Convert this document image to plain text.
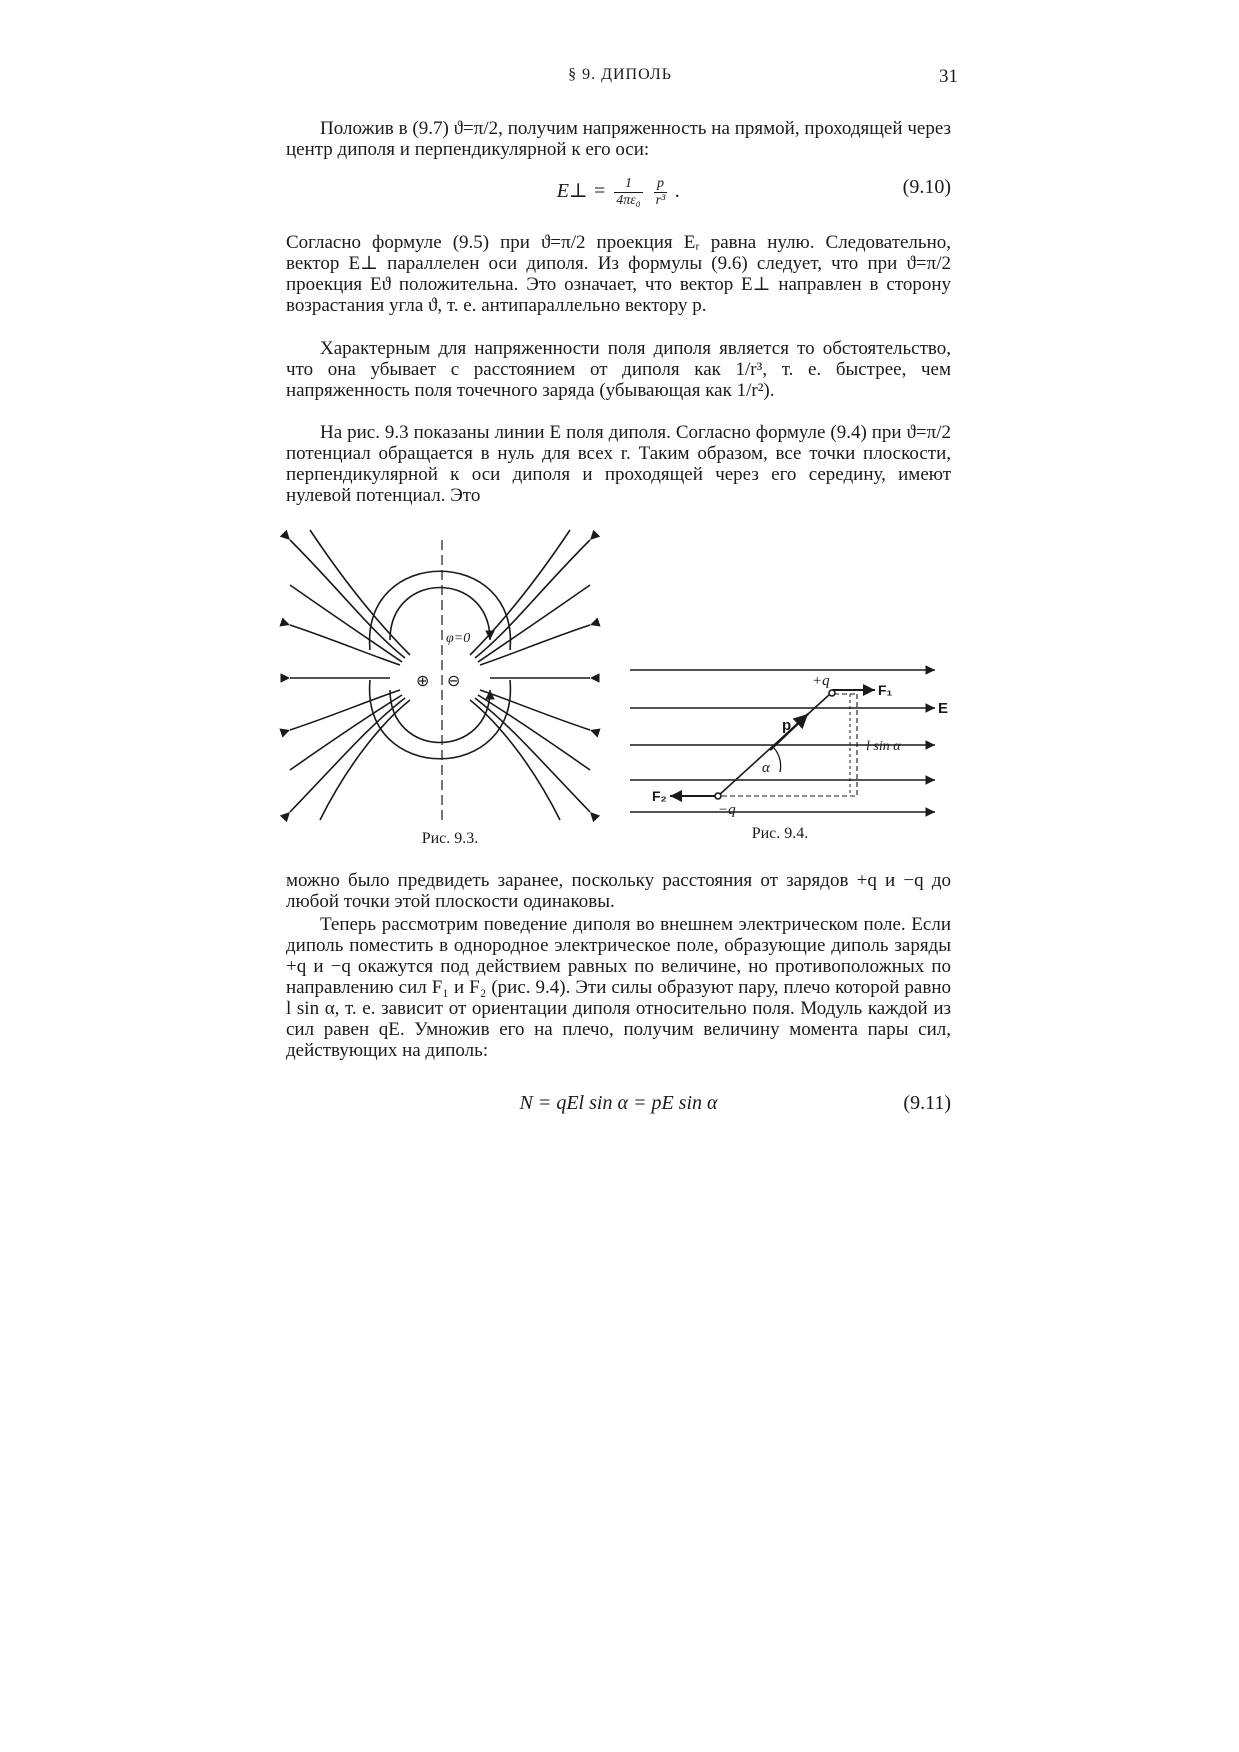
§ 9. ДИПОЛЬ	31

Положив в (9.7) ϑ=π/2, получим напряженность на прямой, проходящей через центр диполя и перпендикулярной к его оси:

E⊥ = $\frac{1}{\text{4πε₀}}$
$\frac{p}{\text{r³}}$ .	(9.10)

Согласно формуле (9.5) при ϑ=π/2 проекция Eᵣ равна нулю. Следовательно, вектор E⊥ параллелен оси диполя. Из формулы (9.6) следует, что при ϑ=π/2 проекция Eϑ положительна. Это означает, что вектор E⊥ направлен в сторону возрастания угла ϑ, т. е. антипараллельно вектору p.

Характерным для напряженности поля диполя является то обстоятельство, что она убывает с расстоянием от диполя как 1/r³, т. е. быстрее, чем напряженность поля точечного заряда (убывающая как 1/r²).

На рис. 9.3 показаны линии E поля диполя. Согласно формуле (9.4) при ϑ=π/2 потенциал обращается в нуль для всех r. Таким образом, все точки плоскости, перпендикулярной к оси диполя и проходящей через его середину, имеют нулевой потенциал. Это

φ=0
⊕ ⊖
Рис. 9.3.
+q
−q
F₁
F₂
E
p
α
l sin α
Рис. 9.4.

можно было предвидеть заранее, поскольку расстояния от зарядов +q и −q до любой точки этой плоскости одинаковы.

Теперь рассмотрим поведение диполя во внешнем электрическом поле. Если диполь поместить в однородное электрическое поле, образующие диполь заряды +q и −q окажутся под действием равных по величине, но противоположных по направлению сил F₁ и F₂ (рис. 9.4). Эти силы образуют пару, плечо которой равно l sin α, т. е. зависит от ориентации диполя относительно поля. Модуль каждой из сил равен qE. Умножив его на плечо, получим величину момента пары сил, действующих на диполь:

N = qEl sin α = pE sin α	(9.11)
